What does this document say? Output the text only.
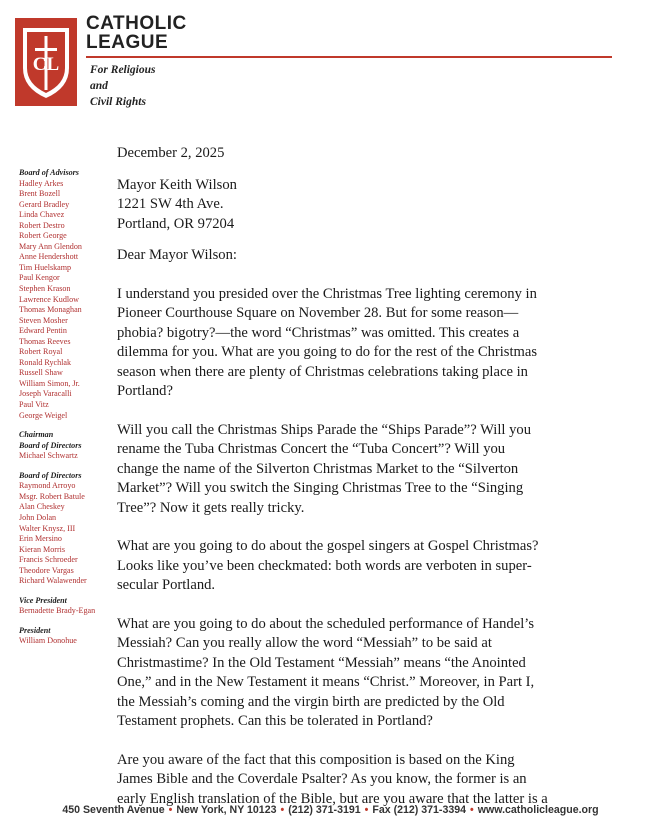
CL
CATHOLIC
LEAGUE
For Religious
and
Civil Rights
Board of Advisors
Hadley Arkes
Brent Bozell
Gerard Bradley
Linda Chavez
Robert Destro
Robert George
Mary Ann Glendon
Anne Hendershott
Tim Huelskamp
Paul Kengor
Stephen Krason
Lawrence Kudlow
Thomas Monaghan
Steven Mosher
Edward Pentin
Thomas Reeves
Robert Royal
Ronald Rychlak
Russell Shaw
William Simon, Jr.
Joseph Varacalli
Paul Vitz
George Weigel
Chairman
Board of Directors
Michael Schwartz
Board of Directors
Raymond Arroyo
Msgr. Robert Batule
Alan Cheskey
John Dolan
Walter Knysz, III
Erin Mersino
Kieran Morris
Francis Schroeder
Theodore Vargas
Richard Walawender
Vice President
Bernadette Brady-Egan
President
William Donohue
December 2, 2025
Mayor Keith Wilson
1221 SW 4th Ave.
Portland, OR 97204
Dear Mayor Wilson:
I understand you presided over the Christmas Tree lighting ceremony in
Pioneer Courthouse Square on November 28. But for some reason—
phobia? bigotry?—the word “Christmas” was omitted. This creates a
dilemma for you. What are you going to do for the rest of the Christmas
season when there are plenty of Christmas celebrations taking place in
Portland?
Will you call the Christmas Ships Parade the “Ships Parade”? Will you
rename the Tuba Christmas Concert the “Tuba Concert”? Will you
change the name of the Silverton Christmas Market to the “Silverton
Market”? Will you switch the Singing Christmas Tree to the “Singing
Tree”? Now it gets really tricky.
What are you going to do about the gospel singers at Gospel Christmas?
Looks like you’ve been checkmated: both words are verboten in super-
secular Portland.
What are you going to do about the scheduled performance of Handel’s
Messiah? Can you really allow the word “Messiah” to be said at
Christmastime? In the Old Testament “Messiah” means “the Anointed
One,” and in the New Testament it means “Christ.” Moreover, in Part I,
the Messiah’s coming and the virgin birth are predicted by the Old
Testament prophets. Can this be tolerated in Portland?
Are you aware of the fact that this composition is based on the King
James Bible and the Coverdale Psalter? As you know, the former is an
early English translation of the Bible, but are you aware that the latter is a
450 Seventh Avenue • New York, NY 10123 • (212) 371-3191 • Fax (212) 371-3394 • www.catholicleague.org
